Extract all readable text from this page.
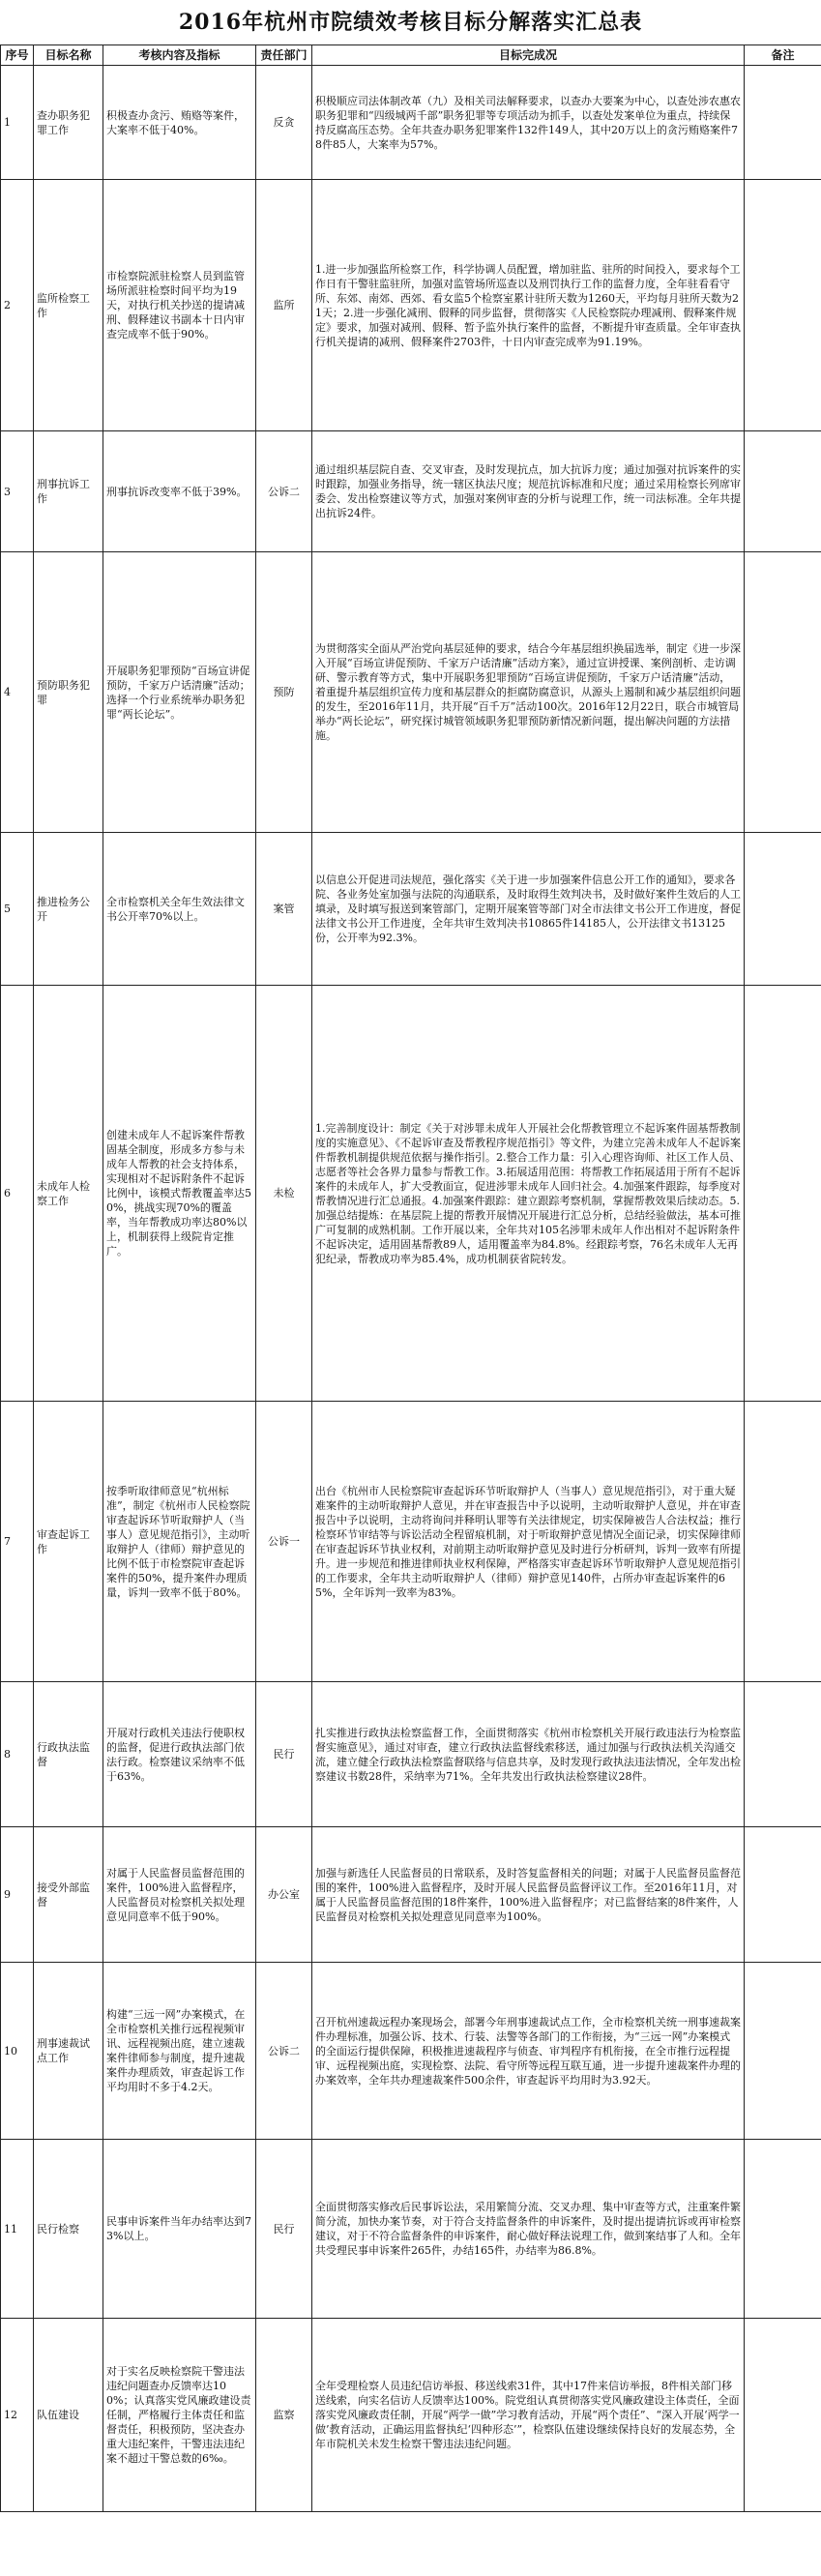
2016年杭州市院绩效考核目标分解落实汇总表
序号	目标名称	考核内容及指标	责任部门	目标完成况	备注
1	查办职务犯罪工作	积极查办贪污、贿赂等案件，大案率不低于40%。	反贪	积极顺应司法体制改革（九）及相关司法解释要求，以查办大要案为中心，以查处涉农惠农职务犯罪和“四级城两千部”职务犯罪等专项活动为抓手，以查处发案单位为重点，持续保持反腐高压态势。全年共查办职务犯罪案件132件149人，其中20万以上的贪污贿赂案件78件85人，大案率为57%。	
2	监所检察工作	市检察院派驻检察人员到监管场所派驻检察时间平均为19天，对执行机关抄送的提请减刑、假释建议书副本十日内审查完成率不低于90%。	监所	1.进一步加强监所检察工作，科学协调人员配置，增加驻监、驻所的时间投入，要求每个工作日有干警驻监驻所，加强对监管场所巡查以及刑罚执行工作的监督力度，全年驻看看守所、东郊、南郊、西郊、看女监5个检察室累计驻所天数为1260天，平均每月驻所天数为21天；2.进一步强化减刑、假释的同步监督，贯彻落实《人民检察院办理减刑、假释案件规定》要求，加强对减刑、假释、暂予监外执行案件的监督，不断提升审查质量。全年审查执行机关提请的减刑、假释案件2703件，十日内审查完成率为91.19%。	
3	刑事抗诉工作	刑事抗诉改变率不低于39%。	公诉二	通过组织基层院自查、交叉审查，及时发现抗点，加大抗诉力度；通过加强对抗诉案件的实时跟踪，加强业务指导，统一辖区执法尺度；规范抗诉标准和尺度；通过采用检察长列席审委会、发出检察建议等方式，加强对案例审查的分析与说理工作，统一司法标准。全年共提出抗诉24件。	
4	预防职务犯罪	开展职务犯罪预防“百场宣讲促预防，千家万户话清廉”活动；选择一个行业系统举办职务犯罪“两长论坛”。	预防	为贯彻落实全面从严治党向基层延伸的要求，结合今年基层组织换届选举，制定《进一步深入开展“百场宣讲促预防、千家万户话清廉”活动方案》，通过宣讲授课、案例剖析、走访调研、警示教育等方式，集中开展职务犯罪预防“百场宣讲促预防，千家万户话清廉”活动，着重提升基层组织宣传力度和基层群众的拒腐防腐意识，从源头上遏制和减少基层组织问题的发生，至2016年11月，共开展“百千万”活动100次。2016年12月22日，联合市城管局举办“两长论坛”，研究探讨城管领域职务犯罪预防新情况新问题，提出解决问题的方法措施。	
5	推进检务公开	全市检察机关全年生效法律文书公开率70%以上。	案管	以信息公开促进司法规范，强化落实《关于进一步加强案件信息公开工作的通知》，要求各院、各业务处室加强与法院的沟通联系，及时取得生效判决书，及时做好案件生效后的人工填录，及时填写报送到案管部门，定期开展案管等部门对全市法律文书公开工作进度，督促法律文书公开工作进度，全年共审生效判决书10865件14185人，公开法律文书13125份，公开率为92.3%。	
6	未成年人检察工作	创建未成年人不起诉案件帮教固基全制度，形成多方参与未成年人帮教的社会支持体系，实现相对不起诉附条件不起诉比例中，该模式帮教覆盖率达50%，挑战实现70%的覆盖率，当年帮教成功率达80%以上，机制获得上级院肯定推广。	未检	1.完善制度设计：制定《关于对涉罪未成年人开展社会化帮教管理立不起诉案件固基帮教制度的实施意见》、《不起诉审查及帮教程序规范指引》等文件，为建立完善未成年人不起诉案件帮教机制提供规范依据与操作指引。2.整合工作力量：引入心理咨询师、社区工作人员、志愿者等社会各界力量参与帮教工作。3.拓展适用范围：将帮教工作拓展适用于所有不起诉案件的未成年人，扩大受教面宣，促进涉罪未成年人回归社会。4.加强案件跟踪，每季度对帮教情况进行汇总通报。4.加强案件跟踪：建立跟踪考察机制，掌握帮教效果后续动态。5.加强总结提炼：在基层院上提的帮教开展情况开展进行汇总分析，总结经验做法，基本可推广可复制的成熟机制。工作开展以来，全年共对105名涉罪未成年人作出相对不起诉附条件不起诉决定，适用固基帮教89人，适用覆盖率为84.8%。经跟踪考察，76名未成年人无再犯纪录，帮教成功率为85.4%，成功机制获省院转发。	
7	审查起诉工作	按季听取律师意见“杭州标准”，制定《杭州市人民检察院审查起诉环节听取辩护人（当事人）意见规范指引》，主动听取辩护人（律师）辩护意见的比例不低于市检察院审查起诉案件的50%，提升案件办理质量，诉判一致率不低于80%。	公诉一	出台《杭州市人民检察院审查起诉环节听取辩护人（当事人）意见规范指引》，对于重大疑难案件的主动听取辩护人意见，并在审查报告中予以说明，主动听取辩护人意见，并在审查报告中予以说明，主动将询问并释明认罪等有关法律规定，切实保障被告人合法权益；推行检察环节审结等与诉讼活动全程留痕机制，对于听取辩护意见情况全面记录，切实保障律师在审查起诉环节执业权利，对前期主动听取辩护意见及时进行分析研判，诉判一致率有所提升。进一步规范和推进律师执业权利保障，严格落实审查起诉环节听取辩护人意见规范指引的工作要求，全年共主动听取辩护人（律师）辩护意见140件，占所办审查起诉案件的65%，全年诉判一致率为83%。	
8	行政执法监督	开展对行政机关违法行使职权的监督，促进行政执法部门依法行政。检察建议采纳率不低于63%。	民行	扎实推进行政执法检察监督工作，全面贯彻落实《杭州市检察机关开展行政违法行为检察监督实施意见》，通过对审查，建立行政执法监督线索移送，通过加强与行政执法机关沟通交流，建立健全行政执法检察监督联络与信息共享，及时发现行政执法违法情况，全年发出检察建议书数28件，采纳率为71%。全年共发出行政执法检察建议28件。	
9	接受外部监督	对属于人民监督员监督范围的案件，100%进入监督程序，人民监督员对检察机关拟处理意见同意率不低于90%。	办公室	加强与新选任人民监督员的日常联系，及时答复监督相关的问题；对属于人民监督员监督范围的案件，100%进入监督程序，及时开展人民监督员监督评议工作。至2016年11月，对属于人民监督员监督范围的18件案件，100%进入监督程序；对已监督结案的8件案件，人民监督员对检察机关拟处理意见同意率为100%。	
10	刑事速裁试点工作	构建“三远一网”办案模式，在全市检察机关推行远程视频审讯、远程视频出庭，建立速裁案件律师参与制度，提升速裁案件办理质效，审查起诉工作平均用时不多于4.2天。	公诉二	召开杭州速裁远程办案现场会，部署今年刑事速裁试点工作，全市检察机关统一刑事速裁案件办理标准，加强公诉、技术、行装、法警等各部门的工作衔接，为“三远一网”办案模式的全面运行提供保障，积极推进速裁程序与侦查、审判程序有机衔接，在全市推行远程提审、远程视频出庭，实现检察、法院、看守所等远程互联互通，进一步提升速裁案件办理的办案效率，全年共办理速裁案件500余件，审查起诉平均用时为3.92天。	
11	民行检察	民事申诉案件当年办结率达到73%以上。	民行	全面贯彻落实修改后民事诉讼法，采用繁简分流、交叉办理、集中审查等方式，注重案件繁简分流，加快办案节奏，对于符合支持监督条件的申诉案件，及时提出提请抗诉或再审检察建议，对于不符合监督条件的申诉案件，耐心做好释法说理工作，做到案结事了人和。全年共受理民事申诉案件265件，办结165件，办结率为86.8%。	
12	队伍建设	对于实名反映检察院干警违法违纪问题查办反馈率达100%；认真落实党风廉政建设责任制，严格履行主体责任和监督责任，积极预防，坚决查办重大违纪案件，干警违法违纪案不超过干警总数的6‰。	监察	全年受理检察人员违纪信访举报、移送线索31件，其中17件来信访举报，8件相关部门移送线索，向实名信访人反馈率达100%。院党组认真贯彻落实党风廉政建设主体责任，全面落实党风廉政责任制，开展“两学一做”学习教育活动，开展“两个责任”、“深入开展‘两学一做’教育活动，正确运用监督执纪‘四种形态’”，检察队伍建设继续保持良好的发展态势，全年市院机关未发生检察干警违法违纪问题。	
